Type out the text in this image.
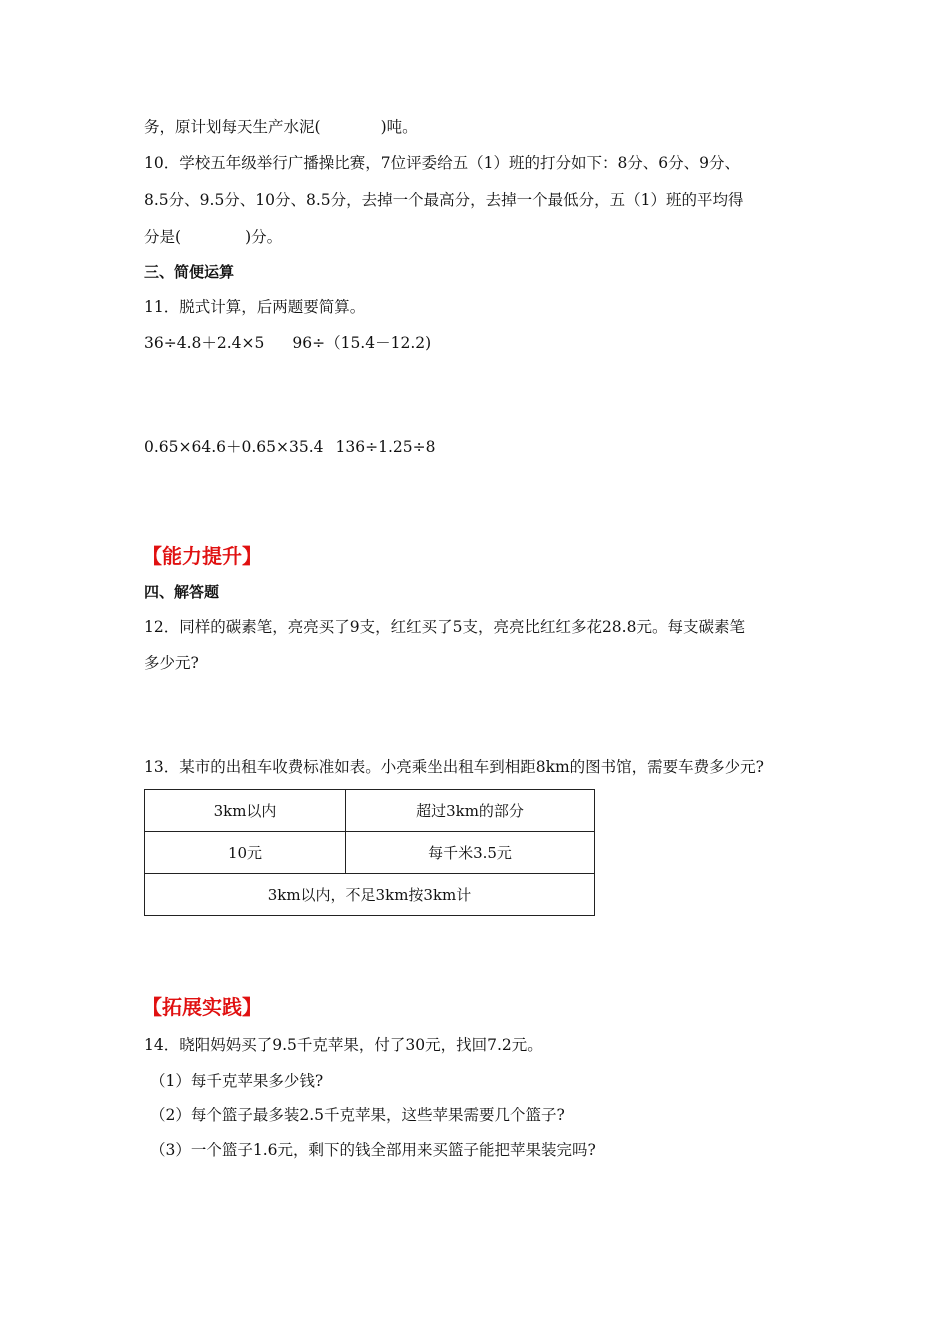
务，原计划每天生产水泥(	)吨。
10．学校五年级举行广播操比赛，7位评委给五（1）班的打分如下：8分、6分、9分、
8.5分、9.5分、10分、8.5分，去掉一个最高分，去掉一个最低分，五（1）班的平均得
分是(	)分。
三、简便运算
11．脱式计算，后两题要简算。
36÷4.8＋2.4×5 96÷（15.4－12.2)
0.65×64.6＋0.65×35.4 136÷1.25÷8
【能力提升】
四、解答题
12．同样的碳素笔，亮亮买了9支，红红买了5支，亮亮比红红多花28.8元。每支碳素笔
多少元?
13．某市的出租车收费标准如表。小亮乘坐出租车到相距8km的图书馆，需要车费多少元?
3km以内	超过3km的部分
10元	每千米3.5元
3km以内，不足3km按3km计	
【拓展实践】
14．晓阳妈妈买了9.5千克苹果，付了30元，找回7.2元。
（1）每千克苹果多少钱?
（2）每个篮子最多装2.5千克苹果，这些苹果需要几个篮子?
（3）一个篮子1.6元，剩下的钱全部用来买篮子能把苹果装完吗?
